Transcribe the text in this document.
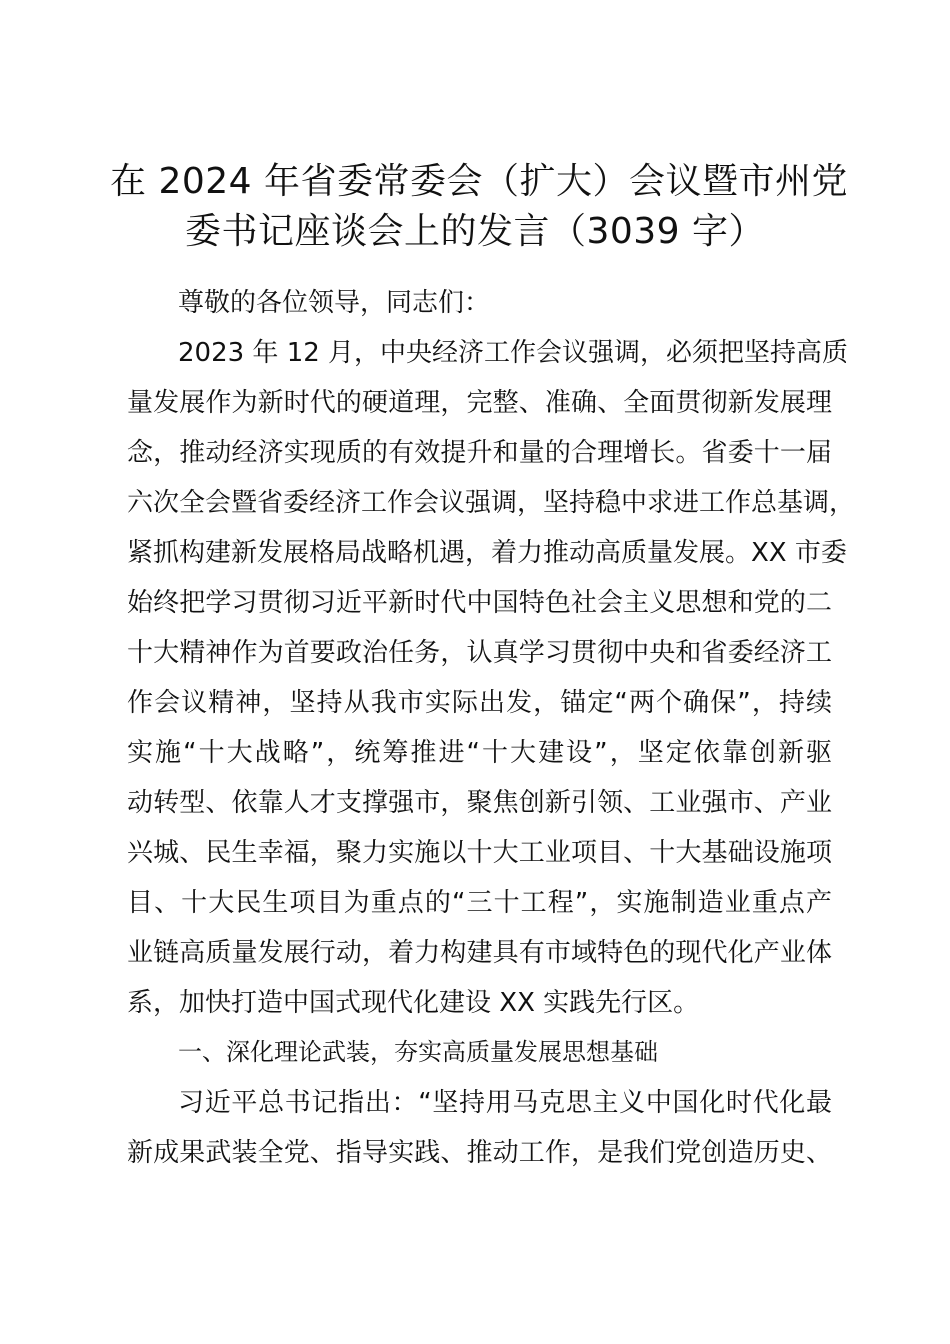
在 2024 年省委常委会（扩大）会议暨市州党
委书记座谈会上的发言（3039 字）
尊敬的各位领导，同志们：
2023 年 12 月，中央经济工作会议强调，必须把坚持高质
量发展作为新时代的硬道理，完整、准确、全面贯彻新发展理
念，推动经济实现质的有效提升和量的合理增长。省委十一届
六次全会暨省委经济工作会议强调，坚持稳中求进工作总基调，
紧抓构建新发展格局战略机遇，着力推动高质量发展。XX 市委
始终把学习贯彻习近平新时代中国特色社会主义思想和党的二
十大精神作为首要政治任务，认真学习贯彻中央和省委经济工
作会议精神，坚持从我市实际出发，锚定“两个确保”，持续
实施“十大战略”，统筹推进“十大建设”，坚定依靠创新驱
动转型、依靠人才支撑强市，聚焦创新引领、工业强市、产业
兴城、民生幸福，聚力实施以十大工业项目、十大基础设施项
目、十大民生项目为重点的“三十工程”，实施制造业重点产
业链高质量发展行动，着力构建具有市域特色的现代化产业体
系，加快打造中国式现代化建设 XX 实践先行区。
一、深化理论武装，夯实高质量发展思想基础
习近平总书记指出：“坚持用马克思主义中国化时代化最
新成果武装全党、指导实践、推动工作，是我们党创造历史、
